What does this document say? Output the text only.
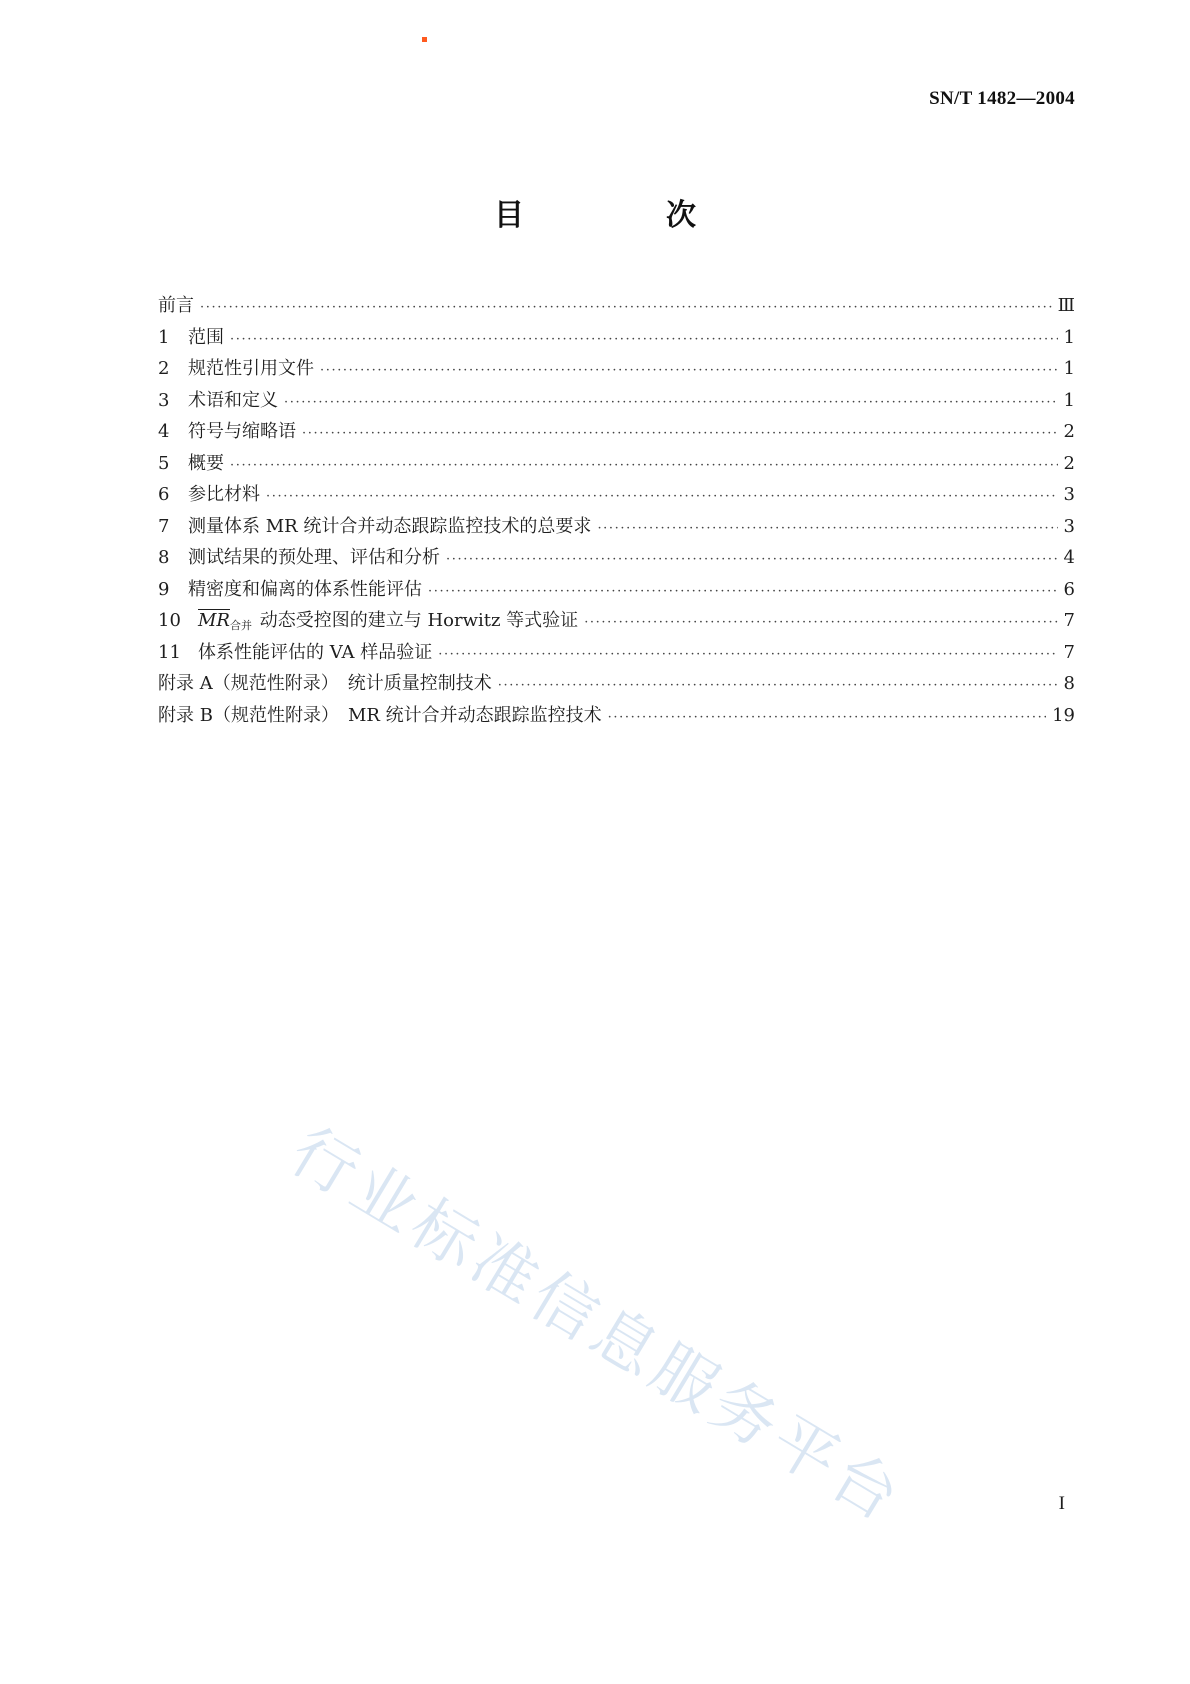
SN/T 1482—2004
目　次
前言 ·····	Ⅲ
1	范围 ·····	1
2	规范性引用文件 ·····	1
3	术语和定义 ·····	1
4	符号与缩略语 ·····	2
5	概要 ·····	2
6	参比材料 ·····	3
7	测量体系 MR 统计合并动态跟踪监控技术的总要求 ·····	3
8	测试结果的预处理、评估和分析 ·····	4
9	精密度和偏离的体系性能评估 ·····	6
10 $\overline{MR}_{合并}$ 动态受控图的建立与 Horwitz 等式验证 ·····	7
11 体系性能评估的 VA 样品验证 ·····	7
附录 A（规范性附录）　统计质量控制技术 ·····	8
附录 B（规范性附录）　MR 统计合并动态跟踪监控技术 ·····	19
行业标准信息服务平台	I
